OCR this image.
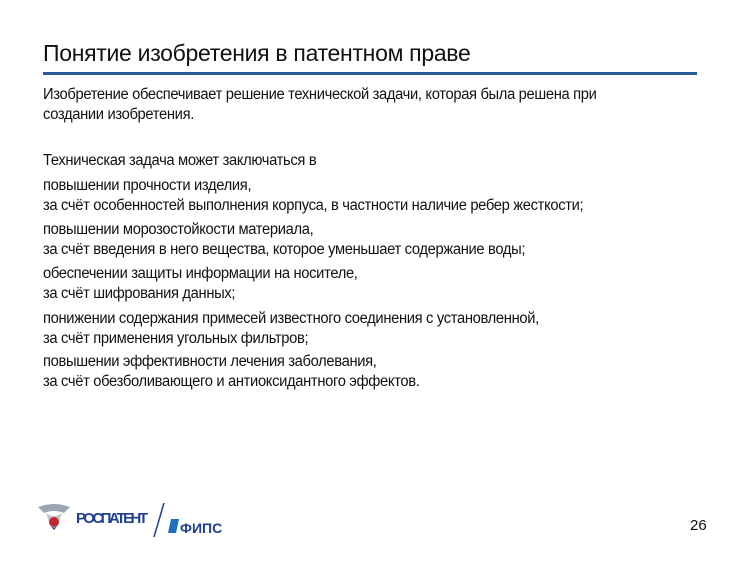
Понятие изобретения в патентном праве
Изобретение обеспечивает решение технической задачи, которая была решена при
создании изобретения.
Техническая задача может заключаться в
повышении прочности изделия,
за счёт особенностей выполнения корпуса, в частности наличие ребер жесткости;
повышении морозостойкости материала,
за счёт введения в него вещества, которое уменьшает содержание воды;
обеспечении защиты информации на носителе,
за счёт шифрования данных;
понижении содержания примесей известного соединения с установленной,
за счёт применения угольных фильтров;
повышении эффективности лечения заболевания,
за счёт обезболивающего и антиоксидантного эффектов.
РОСПАТЕНТ
ФИПС	26
